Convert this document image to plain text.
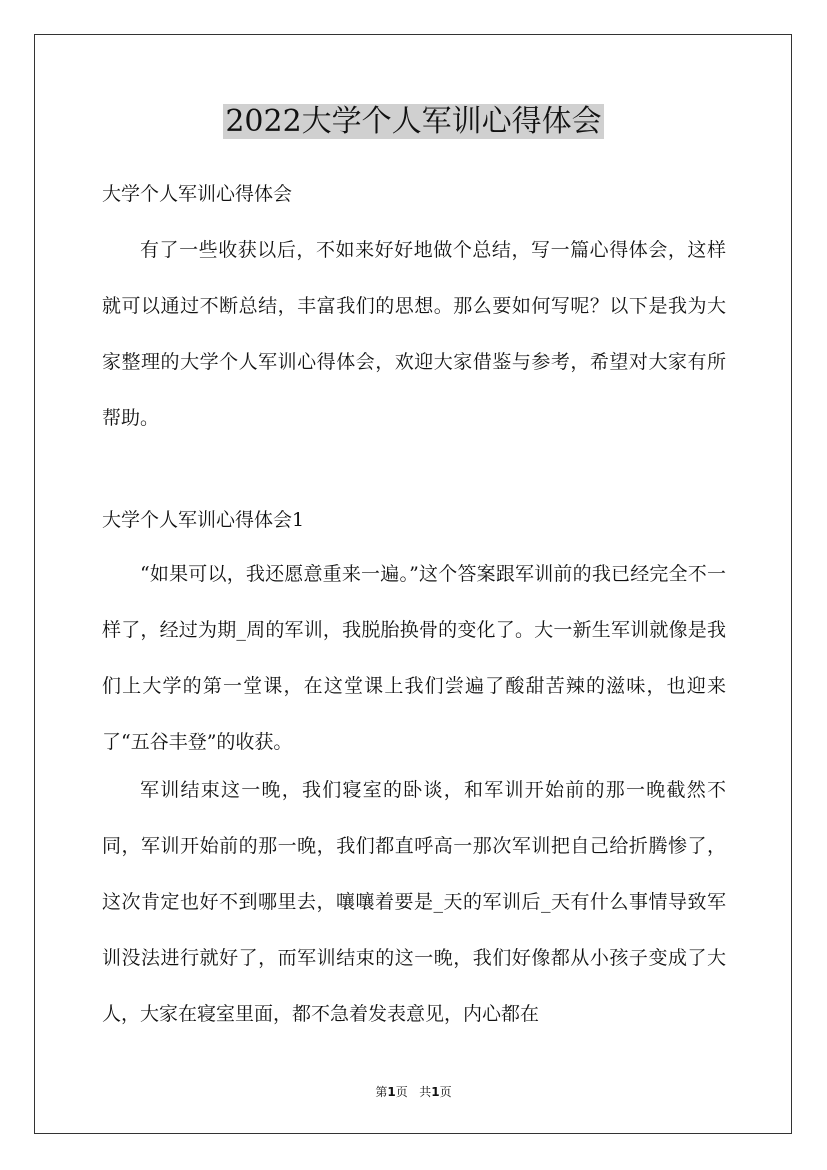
2022大学个人军训心得体会

大学个人军训心得体会

有了一些收获以后，不如来好好地做个总结，写一篇心得体会，这样就可以通过不断总结，丰富我们的思想。那么要如何写呢？以下是我为大家整理的大学个人军训心得体会，欢迎大家借鉴与参考，希望对大家有所帮助。

大学个人军训心得体会1

“如果可以，我还愿意重来一遍。”这个答案跟军训前的我已经完全不一样了，经过为期_周的军训，我脱胎换骨的变化了。大一新生军训就像是我们上大学的第一堂课，在这堂课上我们尝遍了酸甜苦辣的滋味，也迎来了“五谷丰登”的收获。

军训结束这一晚，我们寝室的卧谈，和军训开始前的那一晚截然不同，军训开始前的那一晚，我们都直呼高一那次军训把自己给折腾惨了，这次肯定也好不到哪里去，嚷嚷着要是_天的军训后_天有什么事情导致军训没法进行就好了，而军训结束的这一晚，我们好像都从小孩子变成了大人，大家在寝室里面，都不急着发表意见，内心都在

第1页 共1页
